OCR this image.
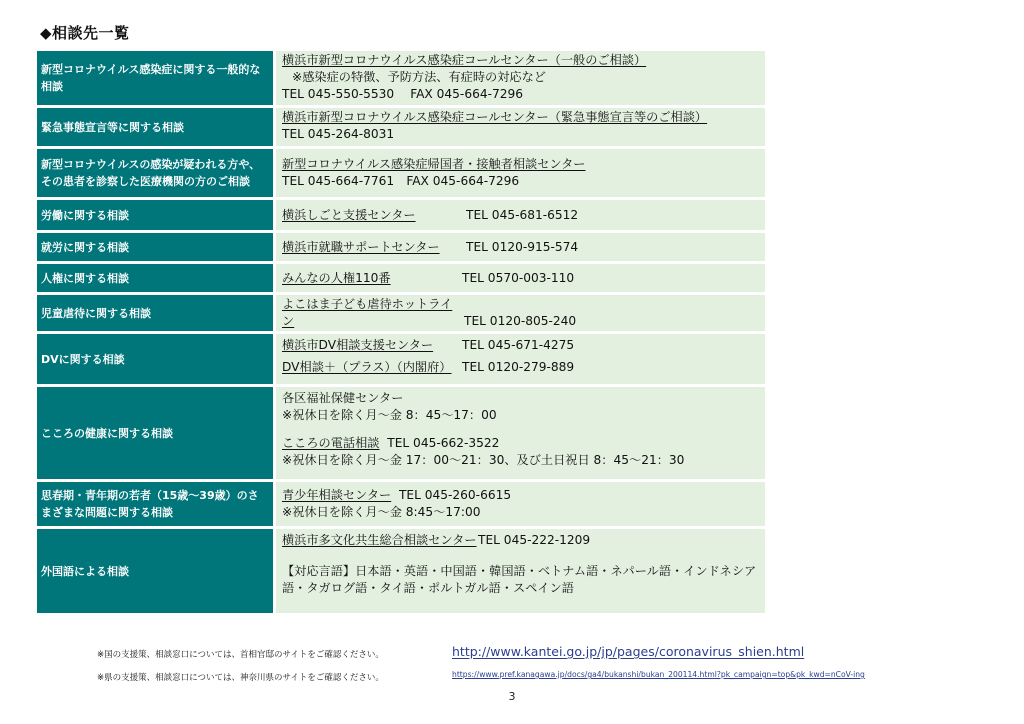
◆相談先一覧
新型コロナウイルス感染症に関する一般的な相談	横浜市新型コロナウイルス感染症コールセンター（一般のご相談）
※感染症の特徴、予防方法、有症時の対応など
TEL 045-550-5530　 FAX 045-664-7296

緊急事態宣言等に関する相談	横浜市新型コロナウイルス感染症コールセンター（緊急事態宣言等のご相談）
TEL 045-264-8031

新型コロナウイルスの感染が疑われる方や、その患者を診察した医療機関の方のご相談	新型コロナウイルス感染症帰国者・接触者相談センター
TEL 045-664-7761　FAX 045-664-7296

労働に関する相談	横浜しごと支援センター TEL 045-681-6512
就労に関する相談	横浜市就職サポートセンター TEL 0120-915-574
人権に関する相談	みんなの人権110番 TEL 0570-003-110
児童虐待に関する相談	よこはま子ども虐待ホットライン TEL 0120-805-240
DVに関する相談	横浜市DV相談支援センター TEL 045-671-4275
DV相談＋（プラス）（内閣府） TEL 0120-279-889

こころの健康に関する相談	各区福祉保健センター
※祝休日を除く月～金 8：45～17：00
こころの電話相談 TEL 045-662-3522
※祝休日を除く月～金 17：00～21：30、及び土日祝日 8：45～21：30

思春期・青年期の若者（15歳～39歳）のさまざまな問題に関する相談	青少年相談センター TEL 045-260-6615
※祝休日を除く月～金 8:45～17:00

外国語による相談	横浜市多文化共生総合相談センターTEL 045-222-1209
【対応言語】日本語・英語・中国語・韓国語・ベトナム語・ネパール語・インドネシア語・タガログ語・タイ語・ポルトガル語・スペイン語
※国の支援策、相談窓口については、首相官邸のサイトをご確認ください。	http://www.kantei.go.jp/jp/pages/coronavirus_shien.html
※県の支援策、相談窓口については、神奈川県のサイトをご確認ください。	https://www.pref.kanagawa.jp/docs/ga4/bukanshi/bukan_200114.html?pk_campaign=top&pk_kwd=nCoV-ing
3
